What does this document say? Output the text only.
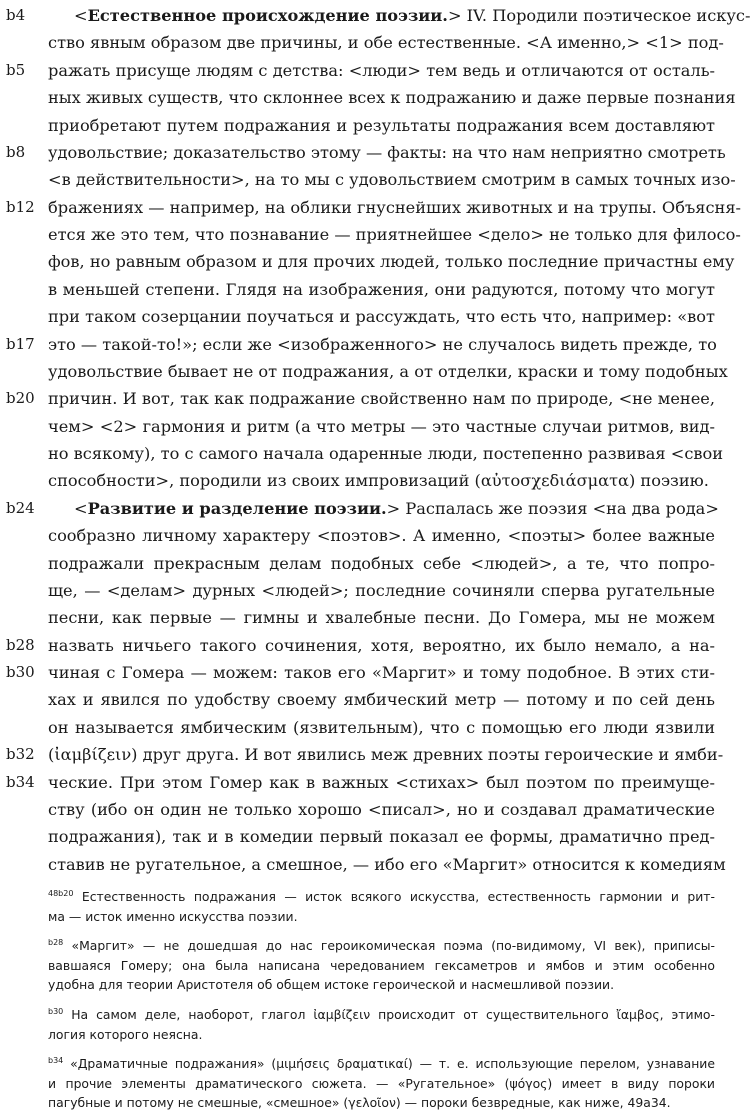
b4	<Естественное происхождение поэзии.> IV. Породили поэтическое искус-
ство явным образом две причины, и обе естественные. <А именно,> <1> под-
b5	ражать присуще людям с детства: <люди> тем ведь и отличаются от осталь-
ных живых существ, что склоннее всех к подражанию и даже первые познания
приобретают путем подражания и результаты подражания всем доставляют
b8	удовольствие; доказательство этому — факты: на что нам неприятно смотреть
<в действительности>, на то мы с удовольствием смотрим в самых точных изо-
b12 бражениях — например, на облики гнуснейших животных и на трупы. Объясня-
ется же это тем, что познавание — приятнейшее <дело> не только для филосо-
фов, но равным образом и для прочих людей, только последние причастны ему
в меньшей степени. Глядя на изображения, они радуются, потому что могут
при таком созерцании поучаться и рассуждать, что есть что, например: «вот
b17 это — такой-то!»; если же <изображенного> не случалось видеть прежде, то
удовольствие бывает не от подражания, а от отделки, краски и тому подобных
b20 причин. И вот, так как подражание свойственно нам по природе, <не менее,
чем> <2> гармония и ритм (а что метры — это частные случаи ритмов, вид-
но всякому), то с самого начала одаренные люди, постепенно развивая <свои
способности>, породили из своих импровизаций (αὐτοσχεδιάσματα) поэзию.
b24	<Развитие и разделение поэзии.> Распалась же поэзия <на два рода>
сообразно личному характеру <поэтов>. А именно, <поэты> более важные
подражали прекрасным делам подобных себе <людей>, а те, что попро-
ще, — <делам> дурных <людей>; последние сочиняли сперва ругательные
песни, как первые — гимны и хвалебные песни. До Гомера, мы не можем
b28 назвать ничьего такого сочинения, хотя, вероятно, их было немало, а на-
b30 чиная с Гомера — можем: таков его «Маргит» и тому подобное. В этих сти-
хах и явился по удобству своему ямбический метр — потому и по сей день
он называется ямбическим (язвительным), что с помощью его люди язвили
b32 (ἰαμβίζειν) друг друга. И вот явились меж древних поэты героические и ямби-
b34 ческие. При этом Гомер как в важных <стихах> был поэтом по преимуще-
ству (ибо он один не только хорошо <писал>, но и создавал драматические
подражания), так и в комедии первый показал ее формы, драматично пред-
ставив не ругательное, а смешное, — ибо его «Маргит» относится к комедиям
$^{48b20}$ Естественность подражания — исток всякого искусства, естественность гармонии и рит-
ма — исток именно искусства поэзии.
$^{b28}$ «Маргит» — не дошедшая до нас героикомическая поэма (по-видимому, VI век), приписы-
вавшаяся Гомеру; она была написана чередованием гексаметров и ямбов и этим особенно
удобна для теории Аристотеля об общем истоке героической и насмешливой поэзии.
$^{b30}$ На самом деле, наоборот, глагол ἰαμβίζειν происходит от существительного ἴαμβος, этимо-
логия которого неясна.
$^{b34}$ «Драматичные подражания» (μιμήσεις δραματικαί) — т. е. использующие перелом, узнавание
и прочие элементы драматического сюжета. — «Ругательное» (ψόγος) имеет в виду пороки
пагубные и потому не смешные, «смешное» (γελοῖον) — пороки безвредные, как ниже, 49a34.
